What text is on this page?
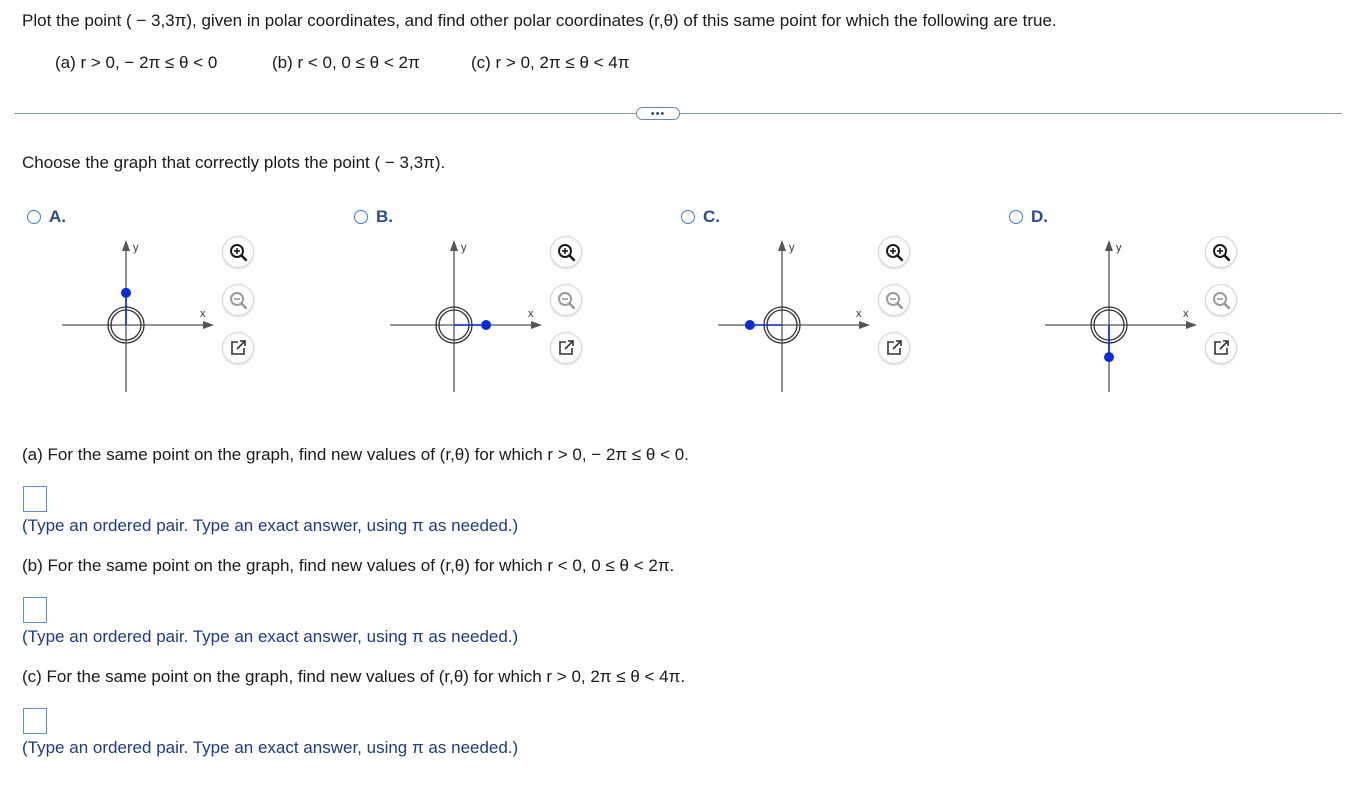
Plot the point ( − 3,3π), given in polar coordinates, and find other polar coordinates (r,θ) of this same point for which the following are true.
(a) r > 0, − 2π ≤ θ < 0	(b) r < 0, 0 ≤ θ < 2π	(c) r > 0, 2π ≤ θ < 4π
•••
Choose the graph that correctly plots the point ( − 3,3π).
A.
x
y
B.
x
y
C.
x
y
D.
x
y
(a) For the same point on the graph, find new values of (r,θ) for which r > 0, − 2π ≤ θ < 0.
(Type an ordered pair. Type an exact answer, using π as needed.)
(b) For the same point on the graph, find new values of (r,θ) for which r < 0, 0 ≤ θ < 2π.
(Type an ordered pair. Type an exact answer, using π as needed.)
(c) For the same point on the graph, find new values of (r,θ) for which r > 0, 2π ≤ θ < 4π.
(Type an ordered pair. Type an exact answer, using π as needed.)
